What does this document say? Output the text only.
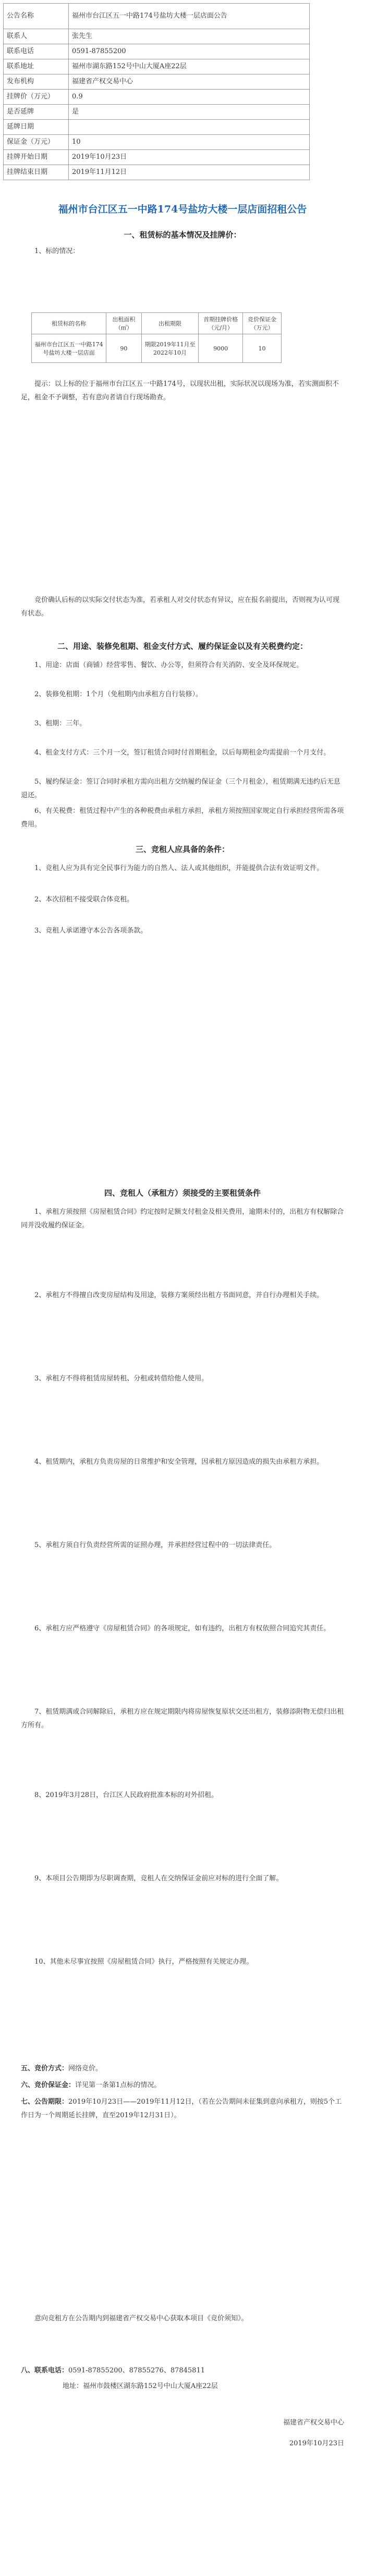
公告名称	福州市台江区五一中路174号盐坊大楼一层店面公告
联系人	张先生
联系电话	0591-87855200
联系地址	福州市湖东路152号中山大厦A座22层
发布机构	福建省产权交易中心
挂牌价（万元）	0.9
是否延牌	是
延牌日期	
保证金（万元）	10
挂牌开始日期	2019年10月23日
挂牌结束日期	2019年11月12日
福州市台江区五一中路174号盐坊大楼一层店面招租公告
一、租赁标的基本情况及挂牌价：

1、标的情况：

租赁标的名称	出租面积（㎡）	出租期限	首期挂牌价格（元/月）	竞价保证金（万元）
福州市台江区五一中路174号盐坊大楼一层店面	90	期限2019年11月至2022年10月	9000	10

提示：以上标的位于福州市台江区五一中路174号，以现状出租，实际状况以现场为准，若实测面积不足，租金不予调整，若有意向者请自行现场勘查。

竞价确认后标的以实际交付状态为准，若承租人对交付状态有异议，应在报名前提出，否则视为认可现有状态。

二、用途、装修免租期、租金支付方式、履约保证金以及有关税费约定：

1、用途：店面（商铺）经营零售、餐饮、办公等，但须符合有关消防、安全及环保规定。

2、装修免租期：1个月（免租期内由承租方自行装修）。

3、租期：三年。

4、租金支付方式：三个月一交，签订租赁合同时付首期租金，以后每期租金均需提前一个月支付。

5、履约保证金：签订合同时承租方需向出租方交纳履约保证金（三个月租金），租赁期满无违约后无息退还。

6、有关税费：租赁过程中产生的各种税费由承租方承担，承租方须按照国家规定自行承担经营所需各项费用。

三、竞租人应具备的条件：

1、竞租人应为具有完全民事行为能力的自然人、法人或其他组织，并能提供合法有效证明文件。

2、本次招租不接受联合体竞租。

3、竞租人承诺遵守本公告各项条款。

四、竞租人（承租方）须接受的主要租赁条件

1、承租方须按照《房屋租赁合同》约定按时足额支付租金及相关费用，逾期未付的，出租方有权解除合同并没收履约保证金。

2、承租方不得擅自改变房屋结构及用途，装修方案须经出租方书面同意，并自行办理相关手续。

3、承租方不得将租赁房屋转租、分租或转借给他人使用。

4、租赁期内，承租方负责房屋的日常维护和安全管理，因承租方原因造成的损失由承租方承担。

5、承租方须自行负责经营所需的证照办理，并承担经营过程中的一切法律责任。

6、承租方应严格遵守《房屋租赁合同》的各项规定，如有违约，出租方有权依照合同追究其责任。

7、租赁期满或合同解除后，承租方应在规定期限内将房屋恢复原状交还出租方，装修添附物无偿归出租方所有。

8、2019年3月28日，台江区人民政府批准本标的对外招租。

9、本项目公告期即为尽职调查期，竞租人在交纳保证金前应对标的进行全面了解。

10、其他未尽事宜按照《房屋租赁合同》执行，严格按照有关规定办理。

五、竞价方式：网络竞价。

六、竞价保证金：详见第一条第1点标的情况。

七、公告期限：2019年10月23日——2019年11月12日，（若在公告期间未征集到意向承租方，则按5个工作日为一个周期延长挂牌，直至2019年12月31日）。

意向竞租方在公告期内到福建省产权交易中心获取本项目《竞价须知》。

八、联系电话：0591-87855200、87855276、87845811

地址：福州市鼓楼区湖东路152号中山大厦A座22层

福建省产权交易中心

2019年10月23日
